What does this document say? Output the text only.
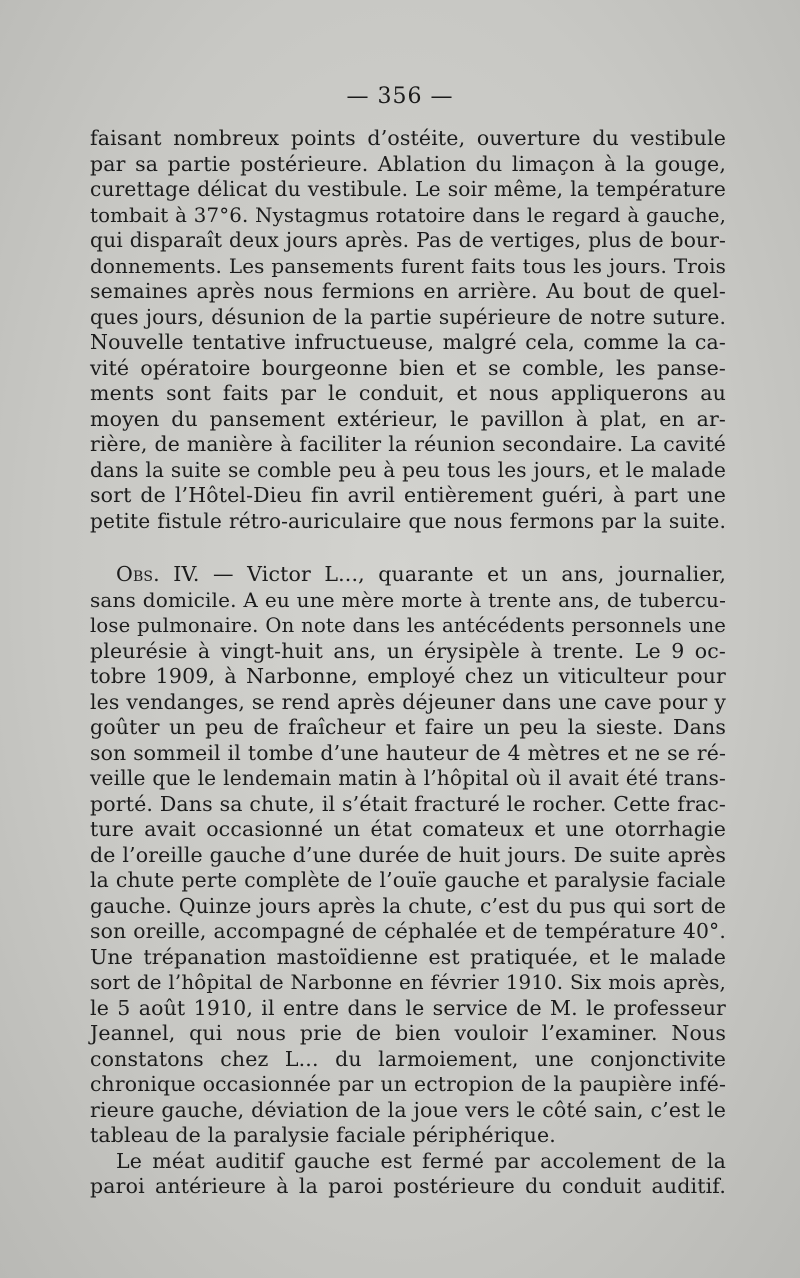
— 356 —
faisant nombreux points d’ostéite, ouverture du vestibule
par sa partie postérieure. Ablation du limaçon à la gouge,
curettage délicat du vestibule. Le soir même, la température
tombait à 37°6. Nystagmus rotatoire dans le regard à gauche,
qui disparaît deux jours après. Pas de vertiges, plus de bour-
donnements. Les pansements furent faits tous les jours. Trois
semaines après nous fermions en arrière. Au bout de quel-
ques jours, désunion de la partie supérieure de notre suture.
Nouvelle tentative infructueuse, malgré cela, comme la ca-
vité opératoire bourgeonne bien et se comble, les panse-
ments sont faits par le conduit, et nous appliquerons au
moyen du pansement extérieur, le pavillon à plat, en ar-
rière, de manière à faciliter la réunion secondaire. La cavité
dans la suite se comble peu à peu tous les jours, et le malade
sort de l’Hôtel-Dieu fin avril entièrement guéri, à part une
petite fistule rétro-auriculaire que nous fermons par la suite.
Obs. IV. — Victor L..., quarante et un ans, journalier,
sans domicile. A eu une mère morte à trente ans, de tubercu-
lose pulmonaire. On note dans les antécédents personnels une
pleurésie à vingt-huit ans, un érysipèle à trente. Le 9 oc-
tobre 1909, à Narbonne, employé chez un viticulteur pour
les vendanges, se rend après déjeuner dans une cave pour y
goûter un peu de fraîcheur et faire un peu la sieste. Dans
son sommeil il tombe d’une hauteur de 4 mètres et ne se ré-
veille que le lendemain matin à l’hôpital où il avait été trans-
porté. Dans sa chute, il s’était fracturé le rocher. Cette frac-
ture avait occasionné un état comateux et une otorrhagie
de l’oreille gauche d’une durée de huit jours. De suite après
la chute perte complète de l’ouïe gauche et paralysie faciale
gauche. Quinze jours après la chute, c’est du pus qui sort de
son oreille, accompagné de céphalée et de température 40°.
Une trépanation mastoïdienne est pratiquée, et le malade
sort de l’hôpital de Narbonne en février 1910. Six mois après,
le 5 août 1910, il entre dans le service de M. le professeur
Jeannel, qui nous prie de bien vouloir l’examiner. Nous
constatons chez L... du larmoiement, une conjonctivite
chronique occasionnée par un ectropion de la paupière infé-
rieure gauche, déviation de la joue vers le côté sain, c’est le
tableau de la paralysie faciale périphérique.
Le méat auditif gauche est fermé par accolement de la
paroi antérieure à la paroi postérieure du conduit auditif.
